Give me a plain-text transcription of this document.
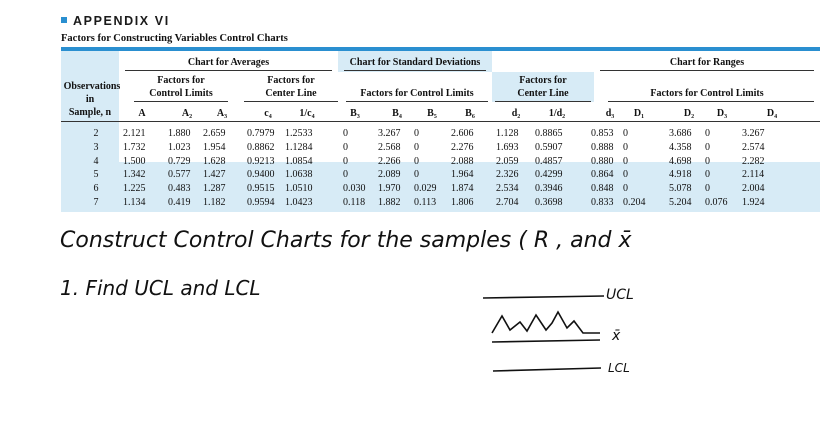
APPENDIX VI
Factors for Constructing Variables Control Charts
Chart for Averages	Chart for Standard Deviations	Chart for Ranges
Factors for
Control Limits
Factors for
Center Line	Factors for Control Limits
Factors for
Center Line	Factors for Control Limits
Observations
in
Sample, n	A	A₂	A₃	c₄	1/c₄	B₃	B₄	B₅	B₆	d₂	1/d₂	d₃	D₁	D₂	D₃	D₄
2	2.121 1.880 2.659 0.7979 1.2533	0	3.267 0	2.606 1.128 0.8865	0.853 0	3.686 0	3.267
3	1.732 1.023 1.954 0.8862 1.1284	0	2.568 0	2.276 1.693 0.5907	0.888 0	4.358 0	2.574
4	1.500 0.729 1.628 0.9213 1.0854	0	2.266 0	2.088 2.059 0.4857	0.880 0	4.698 0	2.282
5	1.342 0.577 1.427 0.9400 1.0638	0	2.089 0	1.964 2.326 0.4299	0.864 0	4.918 0	2.114
6	1.225 0.483 1.287 0.9515 1.0510	0.030 1.970 0.029 1.874 2.534 0.3946	0.848 0	5.078 0	2.004
7	1.134 0.419 1.182 0.9594 1.0423	0.118 1.882 0.113 1.806 2.704 0.3698	0.833 0.204 5.204 0.076 1.924
Construct Control Charts for the samples ( R , and x̄
1. Find UCL and LCL	UCL
x̄
LCL
